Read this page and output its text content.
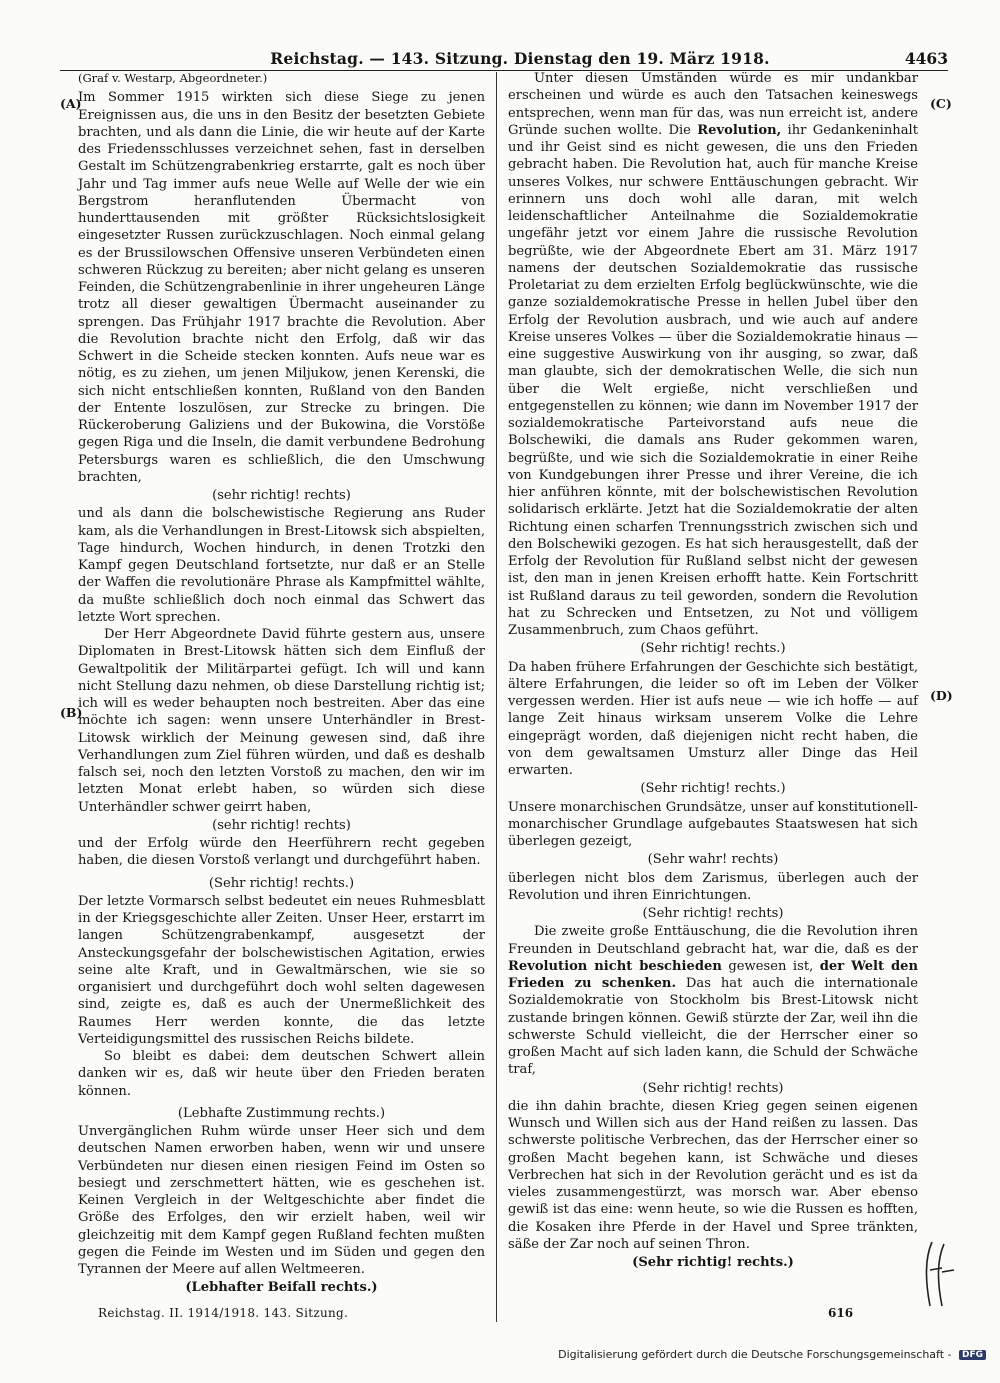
Reichstag. — 143. Sitzung. Dienstag den 19. März 1918.	4463
(A)
(B)
(C)
(D)

(Graf v. Westarp, Abgeordneter.)

Im Sommer 1915 wirkten sich diese Siege zu jenen Ereignissen aus, die uns in den Besitz der besetzten Gebiete brachten, und als dann die Linie, die wir heute auf der Karte des Friedensschlusses verzeichnet sehen, fast in derselben Gestalt im Schützengrabenkrieg erstarrte, galt es noch über Jahr und Tag immer aufs neue Welle auf Welle der wie ein Bergstrom heranflutenden Übermacht von hunderttausenden mit größter Rücksichtslosigkeit eingesetzter Russen zurückzuschlagen. Noch einmal gelang es der Brussilowschen Offensive unseren Verbündeten einen schweren Rückzug zu bereiten; aber nicht gelang es unseren Feinden, die Schützengrabenlinie in ihrer ungeheuren Länge trotz all dieser gewaltigen Übermacht auseinander zu sprengen. Das Frühjahr 1917 brachte die Revolution. Aber die Revolution brachte nicht den Erfolg, daß wir das Schwert in die Scheide stecken konnten. Aufs neue war es nötig, es zu ziehen, um jenen Miljukow, jenen Kerenski, die sich nicht entschließen konnten, Rußland von den Banden der Entente loszulösen, zur Strecke zu bringen. Die Rückeroberung Galiziens und der Bukowina, die Vorstöße gegen Riga und die Inseln, die damit verbundene Bedrohung Petersburgs waren es schließlich, die den Umschwung brachten,

(sehr richtig! rechts)

und als dann die bolschewistische Regierung ans Ruder kam, als die Verhandlungen in Brest-Litowsk sich abspielten, Tage hindurch, Wochen hindurch, in denen Trotzki den Kampf gegen Deutschland fortsetzte, nur daß er an Stelle der Waffen die revolutionäre Phrase als Kampfmittel wählte, da mußte schließlich doch noch einmal das Schwert das letzte Wort sprechen.

Der Herr Abgeordnete David führte gestern aus, unsere Diplomaten in Brest-Litowsk hätten sich dem Einfluß der Gewaltpolitik der Militärpartei gefügt. Ich will und kann nicht Stellung dazu nehmen, ob diese Darstellung richtig ist; ich will es weder behaupten noch bestreiten. Aber das eine möchte ich sagen: wenn unsere Unterhändler in Brest-Litowsk wirklich der Meinung gewesen sind, daß ihre Verhandlungen zum Ziel führen würden, und daß es deshalb falsch sei, noch den letzten Vorstoß zu machen, den wir im letzten Monat erlebt haben, so würden sich diese Unterhändler schwer geirrt haben,

(sehr richtig! rechts)

und der Erfolg würde den Heerführern recht gegeben haben, die diesen Vorstoß verlangt und durchgeführt haben.

(Sehr richtig! rechts.)

Der letzte Vormarsch selbst bedeutet ein neues Ruhmesblatt in der Kriegsgeschichte aller Zeiten. Unser Heer, erstarrt im langen Schützengrabenkampf, ausgesetzt der Ansteckungsgefahr der bolschewistischen Agitation, erwies seine alte Kraft, und in Gewaltmärschen, wie sie so organisiert und durchgeführt doch wohl selten dagewesen sind, zeigte es, daß es auch der Unermeßlichkeit des Raumes Herr werden konnte, die das letzte Verteidigungsmittel des russischen Reichs bildete.

So bleibt es dabei: dem deutschen Schwert allein danken wir es, daß wir heute über den Frieden beraten können.

(Lebhafte Zustimmung rechts.)

Unvergänglichen Ruhm würde unser Heer sich und dem deutschen Namen erworben haben, wenn wir und unsere Verbündeten nur diesen einen riesigen Feind im Osten so besiegt und zerschmettert hätten, wie es geschehen ist. Keinen Vergleich in der Weltgeschichte aber findet die Größe des Erfolges, den wir erzielt haben, weil wir gleichzeitig mit dem Kampf gegen Rußland fechten mußten gegen die Feinde im Westen und im Süden und gegen den Tyrannen der Meere auf allen Weltmeeren.

(Lebhafter Beifall rechts.)

Unter diesen Umständen würde es mir undankbar erscheinen und würde es auch den Tatsachen keineswegs entsprechen, wenn man für das, was nun erreicht ist, andere Gründe suchen wollte. Die Revolution, ihr Gedankeninhalt und ihr Geist sind es nicht gewesen, die uns den Frieden gebracht haben. Die Revolution hat, auch für manche Kreise unseres Volkes, nur schwere Enttäuschungen gebracht. Wir erinnern uns doch wohl alle daran, mit welch leidenschaftlicher Anteilnahme die Sozialdemokratie ungefähr jetzt vor einem Jahre die russische Revolution begrüßte, wie der Abgeordnete Ebert am 31. März 1917 namens der deutschen Sozialdemokratie das russische Proletariat zu dem erzielten Erfolg beglückwünschte, wie die ganze sozialdemokratische Presse in hellen Jubel über den Erfolg der Revolution ausbrach, und wie auch auf andere Kreise unseres Volkes — über die Sozialdemokratie hinaus — eine suggestive Auswirkung von ihr ausging, so zwar, daß man glaubte, sich der demokratischen Welle, die sich nun über die Welt ergieße, nicht verschließen und entgegenstellen zu können; wie dann im November 1917 der sozialdemokratische Parteivorstand aufs neue die Bolschewiki, die damals ans Ruder gekommen waren, begrüßte, und wie sich die Sozialdemokratie in einer Reihe von Kundgebungen ihrer Presse und ihrer Vereine, die ich hier anführen könnte, mit der bolschewistischen Revolution solidarisch erklärte. Jetzt hat die Sozialdemokratie der alten Richtung einen scharfen Trennungsstrich zwischen sich und den Bolschewiki gezogen. Es hat sich herausgestellt, daß der Erfolg der Revolution für Rußland selbst nicht der gewesen ist, den man in jenen Kreisen erhofft hatte. Kein Fortschritt ist Rußland daraus zu teil geworden, sondern die Revolution hat zu Schrecken und Entsetzen, zu Not und völligem Zusammenbruch, zum Chaos geführt.

(Sehr richtig! rechts.)

Da haben frühere Erfahrungen der Geschichte sich bestätigt, ältere Erfahrungen, die leider so oft im Leben der Völker vergessen werden. Hier ist aufs neue — wie ich hoffe — auf lange Zeit hinaus wirksam unserem Volke die Lehre eingeprägt worden, daß diejenigen nicht recht haben, die von dem gewaltsamen Umsturz aller Dinge das Heil erwarten.

(Sehr richtig! rechts.)

Unsere monarchischen Grundsätze, unser auf konstitutionell-monarchischer Grundlage aufgebautes Staatswesen hat sich überlegen gezeigt,

(Sehr wahr! rechts)

überlegen nicht blos dem Zarismus, überlegen auch der Revolution und ihren Einrichtungen.

(Sehr richtig! rechts)

Die zweite große Enttäuschung, die die Revolution ihren Freunden in Deutschland gebracht hat, war die, daß es der Revolution nicht beschieden gewesen ist, der Welt den Frieden zu schenken. Das hat auch die internationale Sozialdemokratie von Stockholm bis Brest-Litowsk nicht zustande bringen können. Gewiß stürzte der Zar, weil ihn die schwerste Schuld vielleicht, die der Herrscher einer so großen Macht auf sich laden kann, die Schuld der Schwäche traf,

(Sehr richtig! rechts)

die ihn dahin brachte, diesen Krieg gegen seinen eigenen Wunsch und Willen sich aus der Hand reißen zu lassen. Das schwerste politische Verbrechen, das der Herrscher einer so großen Macht begehen kann, ist Schwäche und dieses Verbrechen hat sich in der Revolution gerächt und es ist da vieles zusammengestürzt, was morsch war. Aber ebenso gewiß ist das eine: wenn heute, so wie die Russen es hofften, die Kosaken ihre Pferde in der Havel und Spree tränkten, säße der Zar noch auf seinen Thron.

(Sehr richtig! rechts.)

Reichstag. II. 1914/1918. 143. Sitzung.	616
Digitalisierung gefördert durch die Deutsche Forschungsgemeinschaft - DFG
